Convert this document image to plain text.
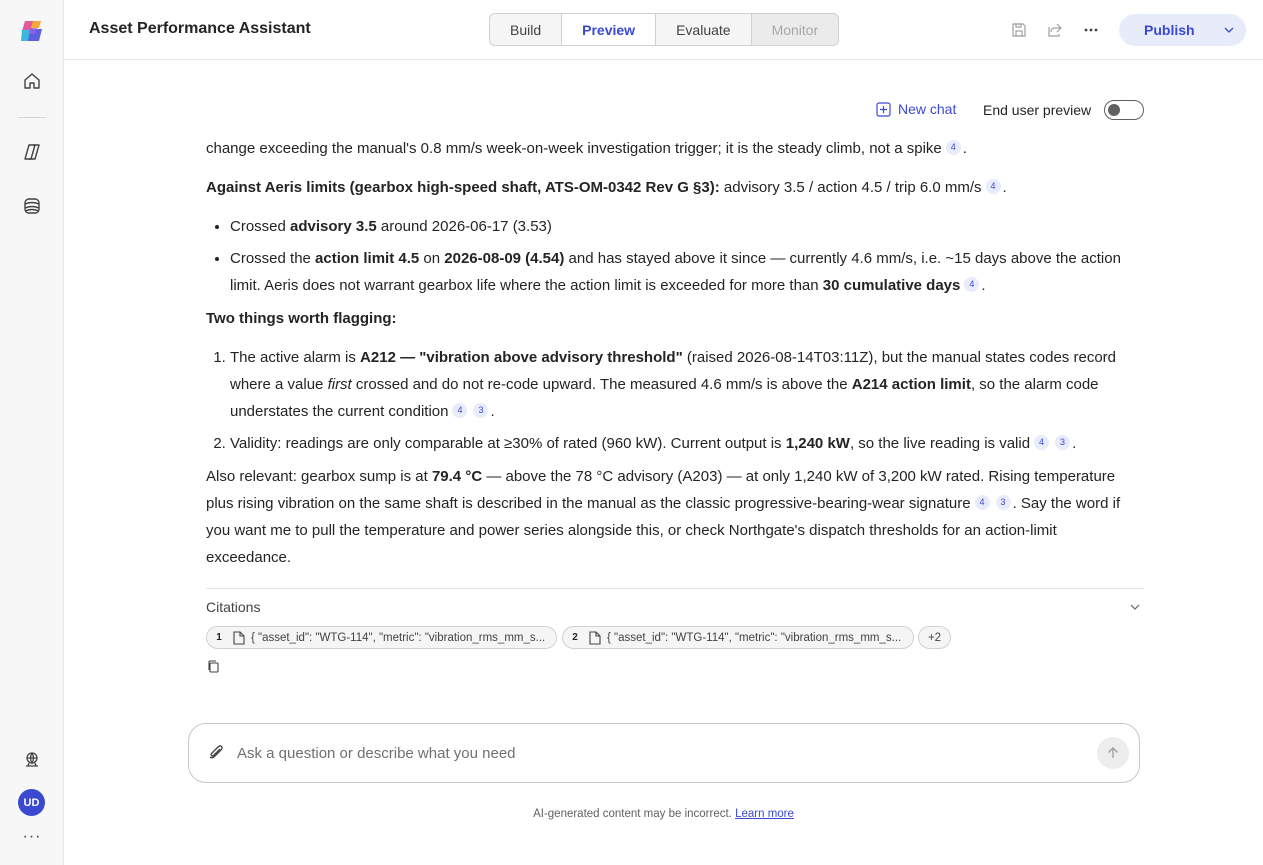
UD
···
Asset Performance Assistant	Build	Preview	Evaluate	Monitor	Publish
New chat End user preview

change exceeding the manual's 0.8 mm/s week-on-week investigation trigger; it is the steady climb, not a spike 4 .

Against Aeris limits (gearbox high-speed shaft, ATS-OM-0342 Rev G §3): advisory 3.5 / action 4.5 / trip 6.0 mm/s 4 .

• Crossed advisory 3.5 around 2026-06-17 (3.53)
• Crossed the action limit 4.5 on 2026-08-09 (4.54) and has stayed above it since — currently 4.6 mm/s, i.e. ~15 days above the action limit. Aeris does not warrant gearbox life where the action limit is exceeded for more than 30 cumulative days 4 .

Two things worth flagging:

1. The active alarm is A212 — "vibration above advisory threshold" (raised 2026-08-14T03:11Z), but the manual states codes record where a value first crossed and do not re-code upward. The measured 4.6 mm/s is above the A214 action limit, so the alarm code understates the current condition 4 3 .
2. Validity: readings are only comparable at ≥30% of rated (960 kW). Current output is 1,240 kW, so the live reading is valid 4 3 .

Also relevant: gearbox sump is at 79.4 °C — above the 78 °C advisory (A203) — at only 1,240 kW of 3,200 kW rated. Rising temperature plus rising vibration on the same shaft is described in the manual as the classic progressive-bearing-wear signature 4 3 . Say the word if you want me to pull the temperature and power series alongside this, or check Northgate's dispatch thresholds for an action-limit exceedance.

Citations
1	{ "asset_id": "WTG-114", "metric": "vibration_rms_mm_s...	2	{ "asset_id": "WTG-114", "metric": "vibration_rms_mm_s...	+2
Ask a question or describe what you need
AI-generated content may be incorrect. Learn more
